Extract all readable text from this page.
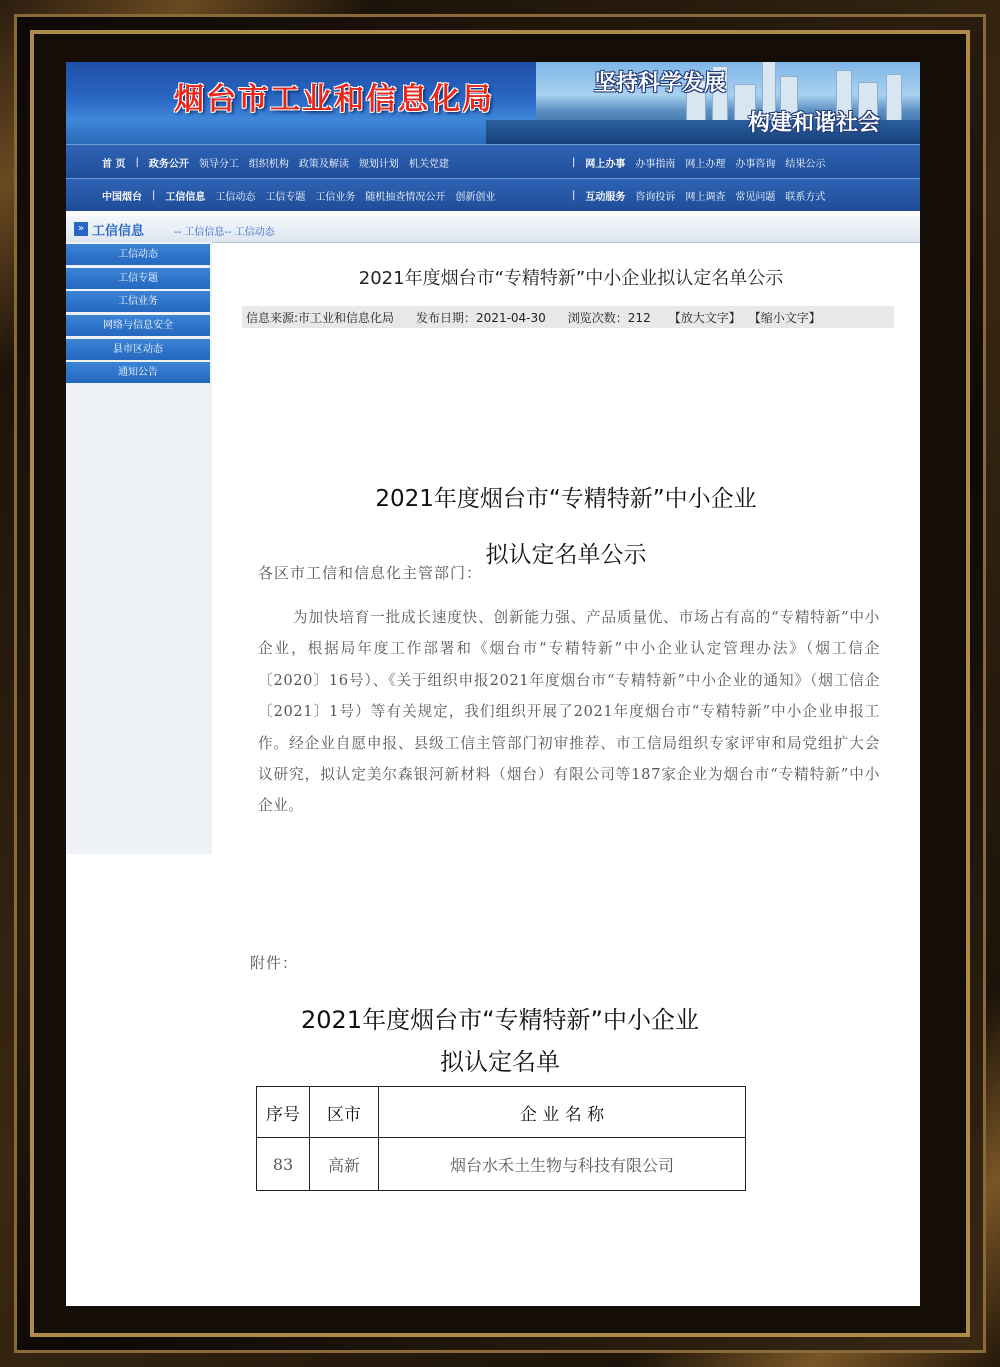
烟台市工业和信息化局	坚持科学发展
构建和谐社会
首 页 | 政务公开 领导分工 组织机构 政策及解读 规划计划 机关党建	| 网上办事 办事指南 网上办理 办事咨询 结果公示
中国烟台 | 工信信息 工信动态 工信专题 工信业务 随机抽查情况公开 创新创业	| 互动服务 咨询投诉 网上调查 常见问题 联系方式
» 工信信息	-- 工信信息-- 工信动态
工信动态
工信专题
工信业务
网络与信息安全
县市区动态
通知公告
2021年度烟台市“专精特新”中小企业拟认定名单公示
信息来源:市工业和信息化局 发布日期：2021-04-30 浏览次数：212 【放大文字】 【缩小文字】
2021年度烟台市“专精特新”中小企业
拟认定名单公示
各区市工信和信息化主管部门：
为加快培育一批成长速度快、创新能力强、产品质量优、市场占有高的“专精特新”中小企业，根据局年度工作部署和《烟台市“专精特新”中小企业认定管理办法》（烟工信企〔2020〕16号）、《关于组织申报2021年度烟台市“专精特新”中小企业的通知》（烟工信企〔2021〕1号）等有关规定，我们组织开展了2021年度烟台市“专精特新”中小企业申报工作。经企业自愿申报、县级工信主管部门初审推荐、市工信局组织专家评审和局党组扩大会议研究，拟认定美尔森银河新材料（烟台）有限公司等187家企业为烟台市“专精特新”中小企业。
附件：
2021年度烟台市“专精特新”中小企业
拟认定名单
序号	区市	企 业 名 称
83	高新	烟台水禾土生物与科技有限公司
